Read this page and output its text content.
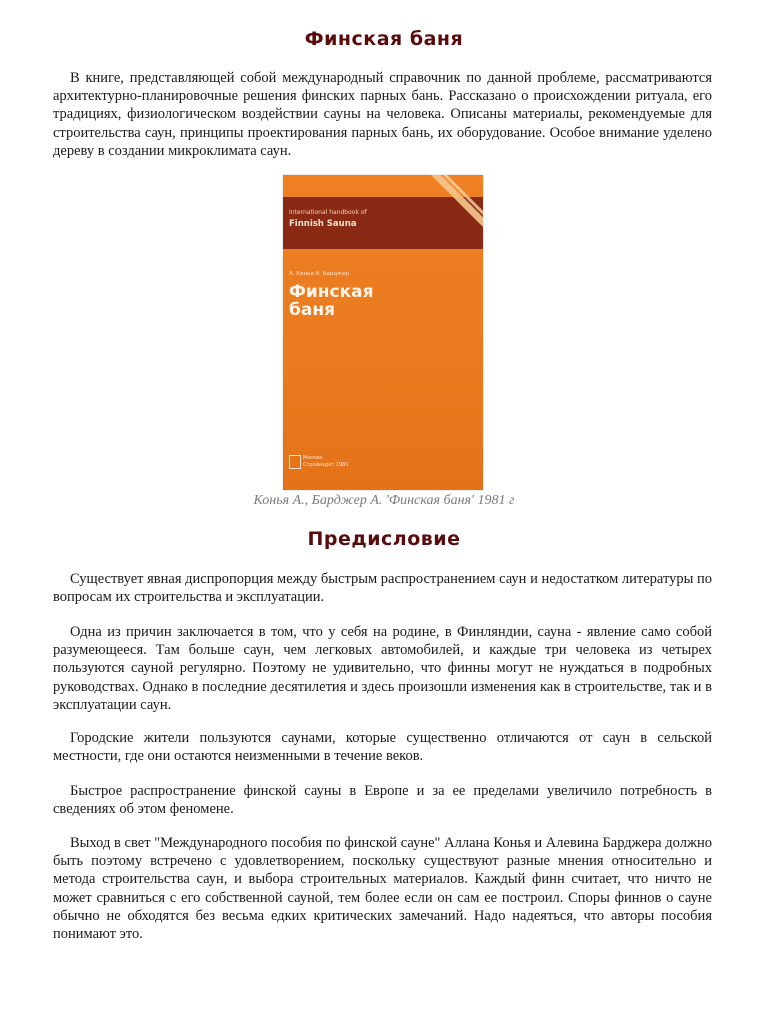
Финская баня

В книге, представляющей собой международный справочник по данной проблеме, рассматриваются архитектурно-планировочные решения финских парных бань. Рассказано о происхождении ритуала, его традициях, физиологическом воздействии сауны на человека. Описаны материалы, рекомендуемые для строительства саун, принципы проектирования парных бань, их оборудование. Особое внимание уделено дереву в создании микроклимата саун.

International handbook of
Finnish Sauna
А. Конья А. Барджер
Финская
баня
Москва
Стройиздат 1981
Конья А., Барджер А. 'Финская баня' 1981 г
Предисловие

Существует явная диспропорция между быстрым распространением саун и недостатком литературы по вопросам их строительства и эксплуатации.

Одна из причин заключается в том, что у себя на родине, в Финляндии, сауна - явление само собой разумеющееся. Там больше саун, чем легковых автомобилей, и каждые три человека из четырех пользуются сауной регулярно. Поэтому не удивительно, что финны могут не нуждаться в подробных руководствах. Однако в последние десятилетия и здесь произошли изменения как в строительстве, так и в эксплуатации саун.

Городские жители пользуются саунами, которые существенно отличаются от саун в сельской местности, где они остаются неизменными в течение веков.

Быстрое распространение финской сауны в Европе и за ее пределами увеличило потребность в сведениях об этом феномене.

Выход в свет "Международного пособия по финской сауне" Аллана Конья и Алевина Барджера должно быть поэтому встречено с удовлетворением, поскольку существуют разные мнения относительно и метода строительства саун, и выбора строительных материалов. Каждый финн считает, что ничто не может сравниться с его собственной сауной, тем более если он сам ее построил. Споры финнов о сауне обычно не обходятся без весьма едких критических замечаний. Надо надеяться, что авторы пособия понимают это.
